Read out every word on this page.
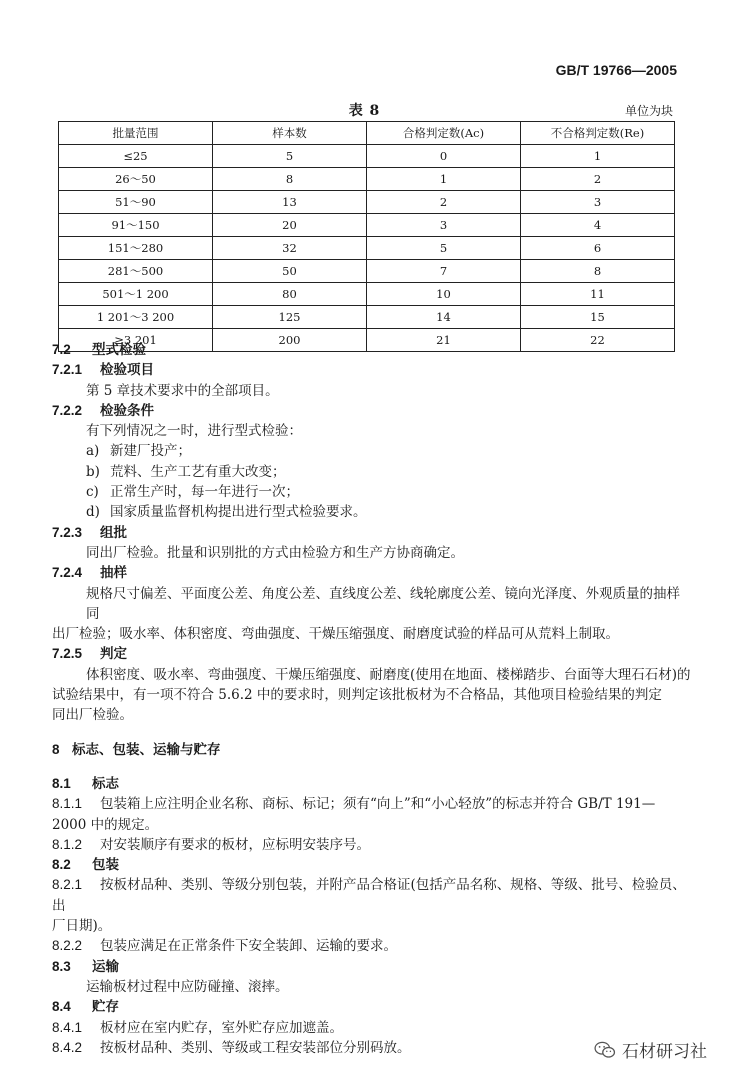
GB/T 19766—2005
表 8	单位为块
批量范围	样本数	合格判定数(Ac)	不合格判定数(Re)
≤25	5	0	1
26～50	8	1	2
51～90	13	2	3
91～150	20	3	4
151～280	32	5	6
281～500	50	7	8
501～1 200	80	10	11
1 201～3 200	125	14	15
≥3 201	200	21	22

7.2 型式检验

7.2.1 检验项目

第 5 章技术要求中的全部项目。

7.2.2 检验条件

有下列情况之一时，进行型式检验：

a) 新建厂投产；

b) 荒料、生产工艺有重大改变；

c) 正常生产时，每一年进行一次；

d) 国家质量监督机构提出进行型式检验要求。

7.2.3 组批

同出厂检验。批量和识别批的方式由检验方和生产方协商确定。

7.2.4 抽样

规格尺寸偏差、平面度公差、角度公差、直线度公差、线轮廓度公差、镜向光泽度、外观质量的抽样同

出厂检验；吸水率、体积密度、弯曲强度、干燥压缩强度、耐磨度试验的样品可从荒料上制取。

7.2.5 判定

体积密度、吸水率、弯曲强度、干燥压缩强度、耐磨度(使用在地面、楼梯踏步、台面等大理石石材)的

试验结果中，有一项不符合 5.6.2 中的要求时，则判定该批板材为不合格品，其他项目检验结果的判定

同出厂检验。

8 标志、包装、运输与贮存

8.1 标志

8.1.1 包装箱上应注明企业名称、商标、标记；须有“向上”和“小心轻放”的标志并符合 GB/T 191—

2000 中的规定。

8.1.2 对安装顺序有要求的板材，应标明安装序号。

8.2 包装

8.2.1 按板材品种、类别、等级分别包装，并附产品合格证(包括产品名称、规格、等级、批号、检验员、出

厂日期)。

8.2.2 包装应满足在正常条件下安全装卸、运输的要求。

8.3 运输

运输板材过程中应防碰撞、滚摔。

8.4 贮存

8.4.1 板材应在室内贮存，室外贮存应加遮盖。

8.4.2 按板材品种、类别、等级或工程安装部位分别码放。	石材研习社
